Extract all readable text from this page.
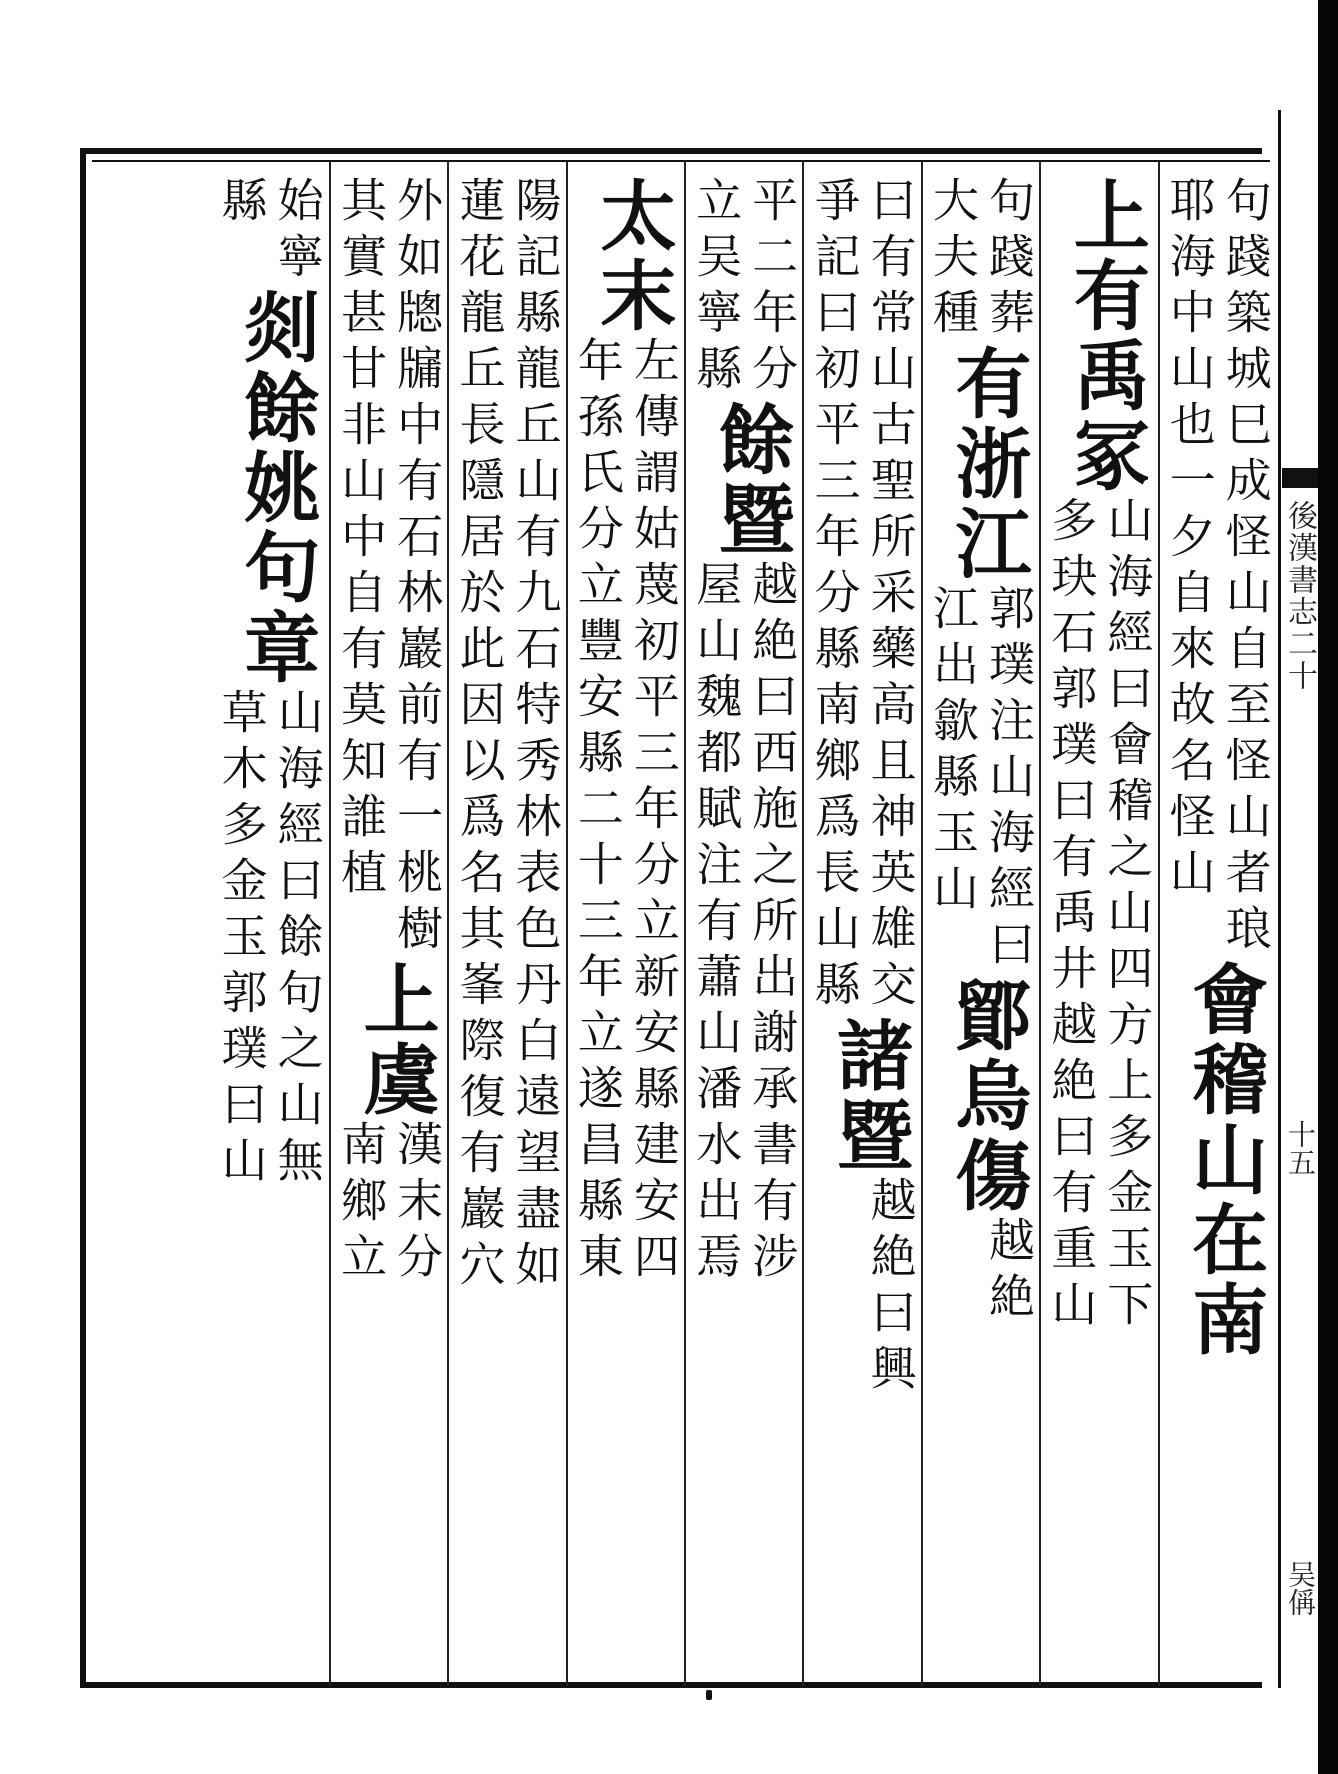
後漢書志二十
十五
吴偁
句踐築城巳成怪山自至怪山者琅
耶海中山也一夕自來故名怪山
會稽山在南
上有禹冢
山海經曰會稽之山四方上多金玉下
多玦石郭璞曰有禹井越絶曰有重山
句踐葬
大夫種
有浙江
郭璞注山海經曰
江出歙縣玉山
鄮烏傷
越絶
曰有常山古聖所采藥高且神英雄交
爭記曰初平三年分縣南鄉爲長山縣
諸暨
越絶曰興
平二年分
立吴寧縣
餘暨
越絶曰西施之所出謝承書有涉
屋山魏都賦注有蕭山潘水出焉
太末
左傳謂姑蔑初平三年分立新安縣建安四
年孫氏分立豐安縣二十三年立遂昌縣東
陽記縣龍丘山有九石特秀林表色丹白遠望盡如
蓮花龍丘長隱居於此因以爲名其峯際復有巖穴
外如牕牖中有石林巖前有一桃樹
其實甚甘非山中自有莫知誰植
上虞
漢末分
南鄉立
始寧
縣
剡餘姚句章
山海經曰餘句之山無
草木多金玉郭璞曰山
